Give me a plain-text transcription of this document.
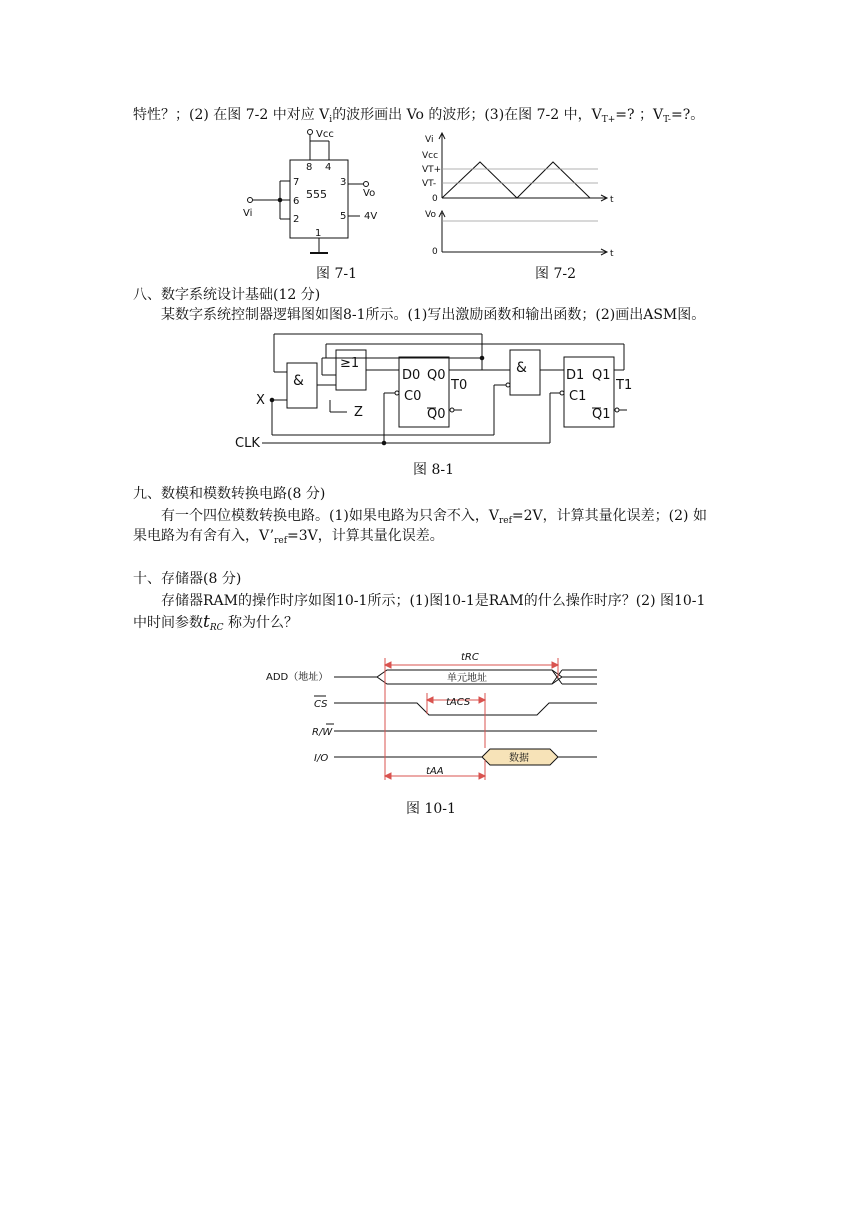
特性？；(2) 在图 7-2 中对应 $V_i$的波形画出 Vo 的波形；(3)在图 7-2 中，$V_{T+}=$? ；$V_{T-}=$?。
Vcc
8 4
7
6
2
3
5
1
555	Vo
Vi	4V
图 7-1
Vi
Vcc
VT+
VT-
0	t
Vo
0	t
图 7-2
八、数字系统设计基础(12 分)
某数字系统控制器逻辑图如图8-1所示。(1)写出激励函数和输出函数；(2)画出ASM图。
&
≥1	&
D0 Q0
C0
Q0
T0
D1 Q1
C1
Q1
T1
X
Z
CLK
图 8-1
九、数模和模数转换电路(8 分)
有一个四位模数转换电路。(1)如果电路为只舍不入，$V_{ref}=2V$，计算其量化误差；(2) 如
果电路为有舍有入，$V’_{ref}=3V$，计算其量化误差。
十、存储器(8 分)
存储器RAM的操作时序如图10-1所示；(1)图10-1是RAM的什么操作时序？(2) 图10-1
中时间参数$t_{RC}$ 称为什么？
ADD（地址）
CS
R/W
I/O
tRC
单元地址
tACS
数据
tAA
图 10-1
